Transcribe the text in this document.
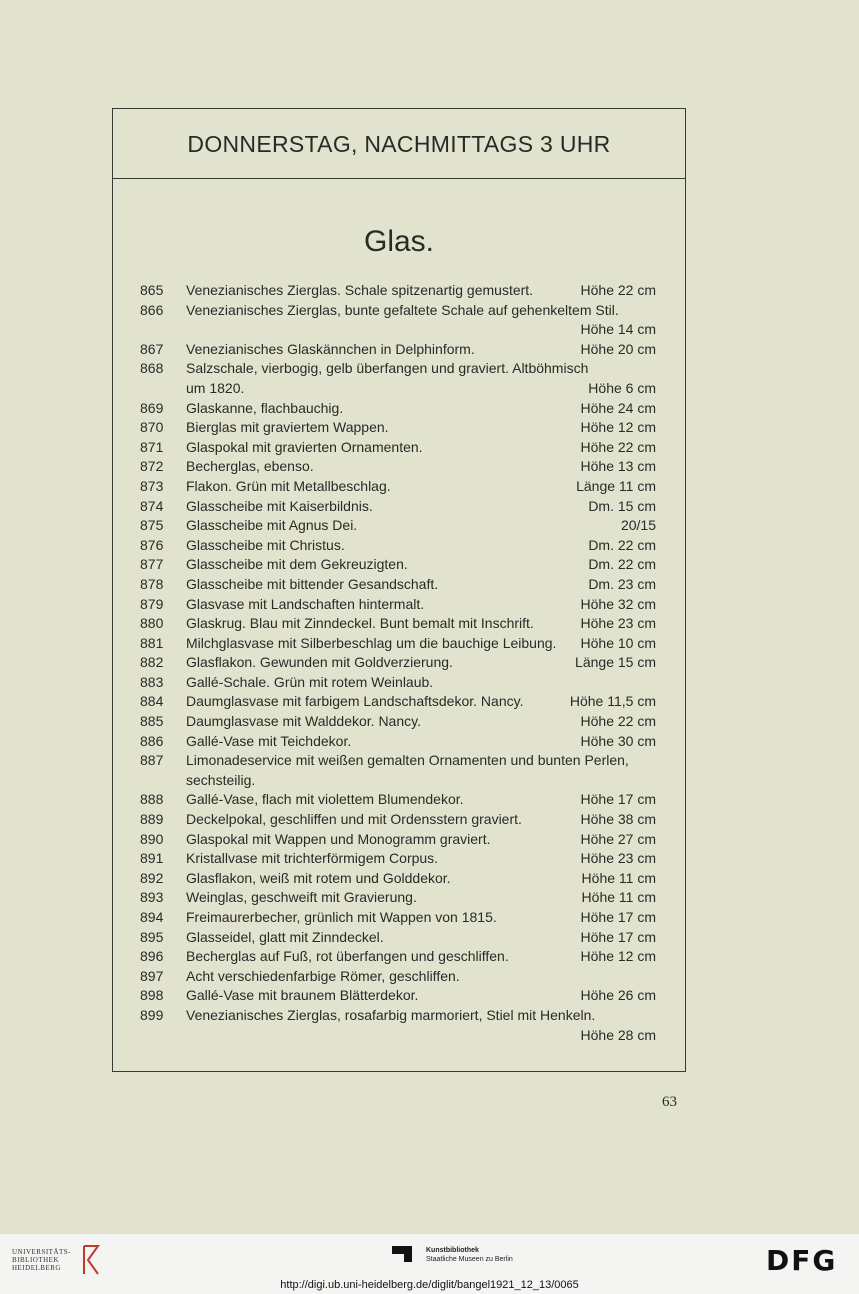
DONNERSTAG, NACHMITTAGS 3 UHR
Glas.
865	Venezianisches Zierglas. Schale spitzenartig gemustert.	Höhe 22 cm
866	Venezianisches Zierglas, bunte gefaltete Schale auf gehenkeltem Stil.
Höhe 14 cm
867	Venezianisches Glaskännchen in Delphinform.	Höhe 20 cm
868	Salzschale, vierbogig, gelb überfangen und graviert. Altböhmisch
um 1820.	Höhe 6 cm
869	Glaskanne, flachbauchig.	Höhe 24 cm
870	Bierglas mit graviertem Wappen.	Höhe 12 cm
871	Glaspokal mit gravierten Ornamenten.	Höhe 22 cm
872	Becherglas, ebenso.	Höhe 13 cm
873	Flakon. Grün mit Metallbeschlag.	Länge 11 cm
874	Glasscheibe mit Kaiserbildnis.	Dm. 15 cm
875	Glasscheibe mit Agnus Dei.	20/15
876	Glasscheibe mit Christus.	Dm. 22 cm
877	Glasscheibe mit dem Gekreuzigten.	Dm. 22 cm
878	Glasscheibe mit bittender Gesandschaft.	Dm. 23 cm
879	Glasvase mit Landschaften hintermalt.	Höhe 32 cm
880	Glaskrug. Blau mit Zinndeckel. Bunt bemalt mit Inschrift.	Höhe 23 cm
881	Milchglasvase mit Silberbeschlag um die bauchige Leibung. Höhe 10 cm
882	Glasflakon. Gewunden mit Goldverzierung.	Länge 15 cm
883	Gallé-Schale. Grün mit rotem Weinlaub.
884	Daumglasvase mit farbigem Landschaftsdekor. Nancy.	Höhe 11,5 cm
885	Daumglasvase mit Walddekor. Nancy.	Höhe 22 cm
886	Gallé-Vase mit Teichdekor.	Höhe 30 cm
887	Limonadeservice mit weißen gemalten Ornamenten und bunten Perlen,
sechsteilig.
888	Gallé-Vase, flach mit violettem Blumendekor.	Höhe 17 cm
889	Deckelpokal, geschliffen und mit Ordensstern graviert.	Höhe 38 cm
890	Glaspokal mit Wappen und Monogramm graviert.	Höhe 27 cm
891	Kristallvase mit trichterförmigem Corpus.	Höhe 23 cm
892	Glasflakon, weiß mit rotem und Golddekor.	Höhe 11 cm
893	Weinglas, geschweift mit Gravierung.	Höhe 11 cm
894	Freimaurerbecher, grünlich mit Wappen von 1815.	Höhe 17 cm
895	Glasseidel, glatt mit Zinndeckel.	Höhe 17 cm
896	Becherglas auf Fuß, rot überfangen und geschliffen.	Höhe 12 cm
897	Acht verschiedenfarbige Römer, geschliffen.
898	Gallé-Vase mit braunem Blätterdekor.	Höhe 26 cm
899	Venezianisches Zierglas, rosafarbig marmoriert, Stiel mit Henkeln.
Höhe 28 cm
63
UNIVERSITÄTS-
BIBLIOTHEK
HEIDELBERG
Kunstbibliothek
Staatliche Museen zu Berlin	DFG
http://digi.ub.uni-heidelberg.de/diglit/bangel1921_12_13/0065
